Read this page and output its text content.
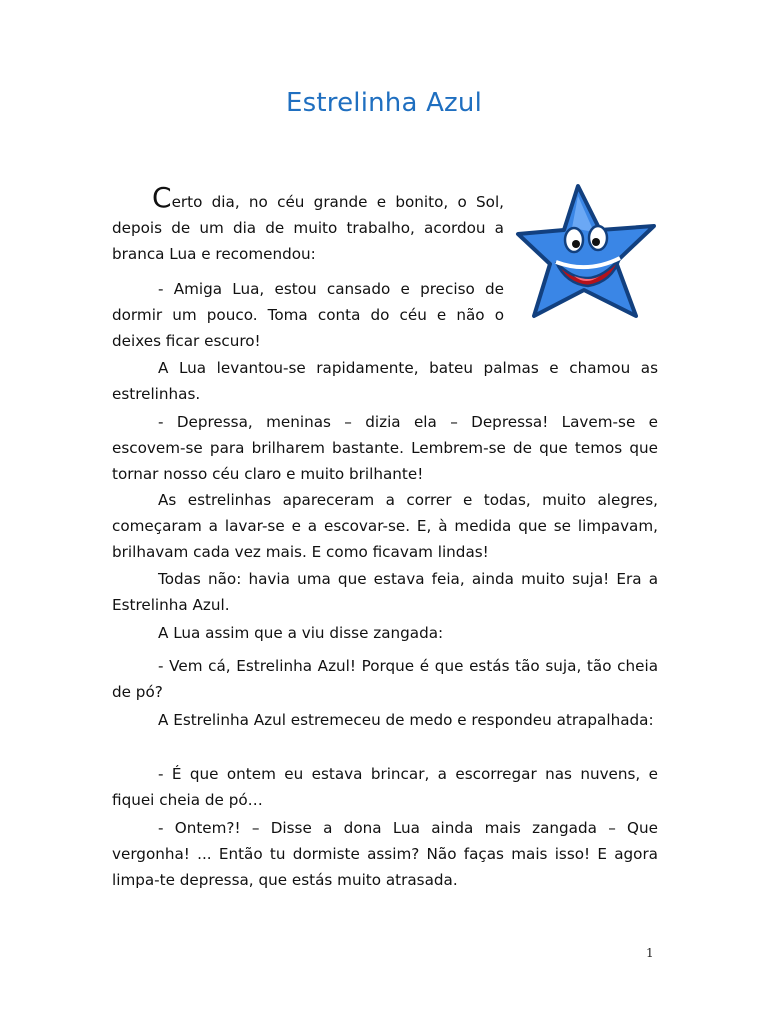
Estrelinha Azul

Certo dia, no céu grande e bonito, o Sol, depois de um dia de muito trabalho, acordou a branca Lua e recomendou:

- Amiga Lua, estou cansado e preciso de dormir um pouco. Toma conta do céu e não o deixes ficar escuro!

A Lua levantou-se rapidamente, bateu palmas e chamou as estrelinhas.

- Depressa, meninas – dizia ela – Depressa! Lavem-se e escovem-se para brilharem bastante. Lembrem-se de que temos que tornar nosso céu claro e muito brilhante!

As estrelinhas apareceram a correr e todas, muito alegres, começaram a lavar-se e a escovar-se. E, à medida que se limpavam, brilhavam cada vez mais. E como ficavam lindas!

Todas não: havia uma que estava feia, ainda muito suja! Era a Estrelinha Azul.

A Lua assim que a viu disse zangada:

- Vem cá, Estrelinha Azul! Porque é que estás tão suja, tão cheia de pó?

A Estrelinha Azul estremeceu de medo e respondeu atrapalhada:

- É que ontem eu estava brincar, a escorregar nas nuvens, e fiquei cheia de pó…

- Ontem?! – Disse a dona Lua ainda mais zangada – Que vergonha! ... Então tu dormiste assim? Não faças mais isso! E agora limpa-te depressa, que estás muito atrasada.

1
